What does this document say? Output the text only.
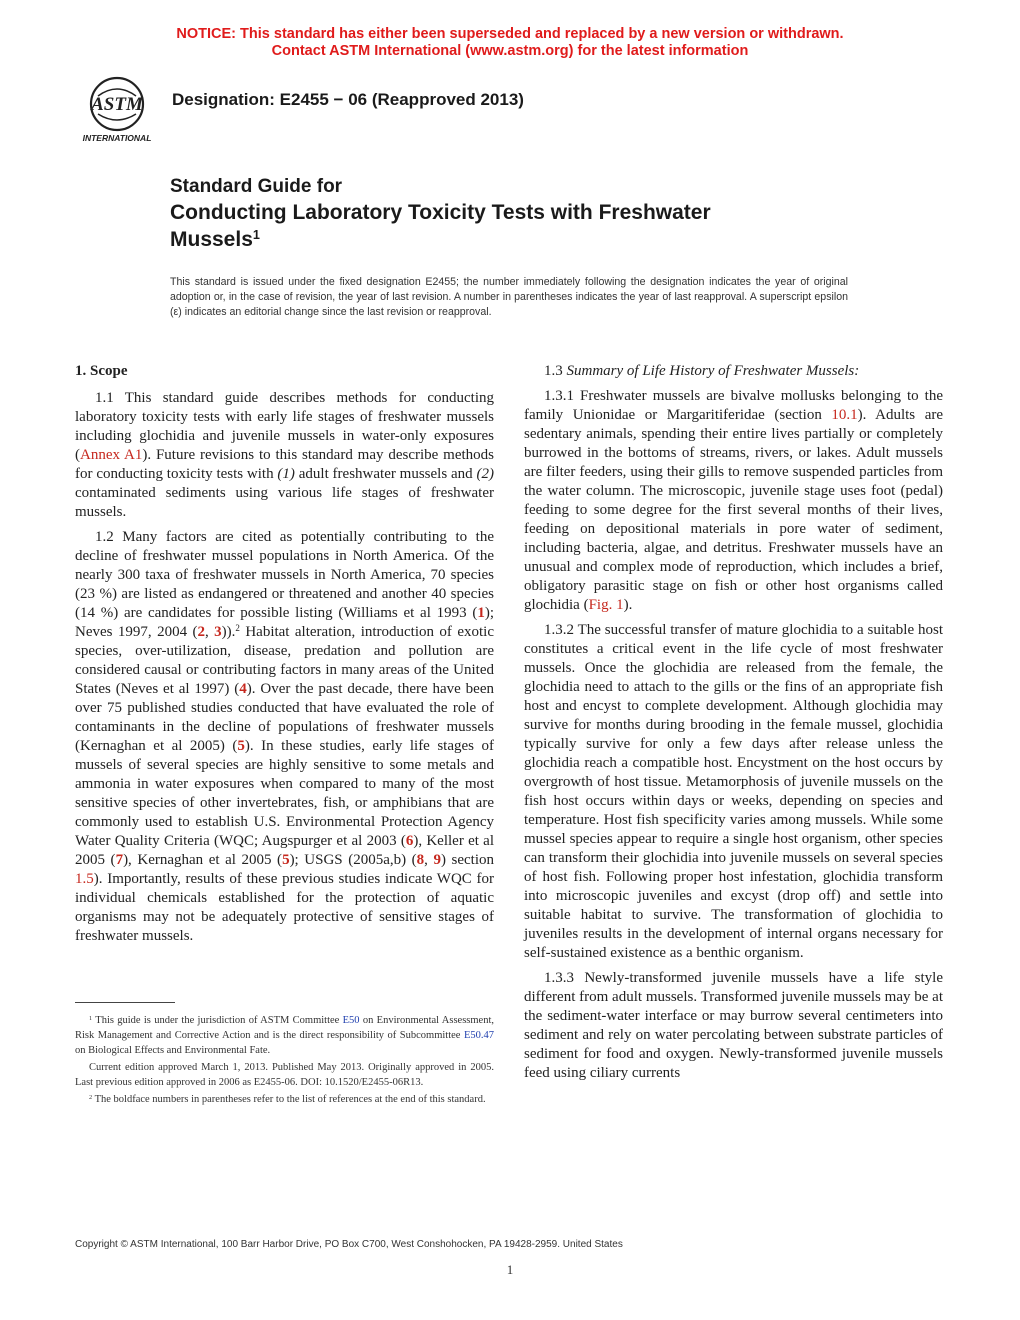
NOTICE: This standard has either been superseded and replaced by a new version or withdrawn.
Contact ASTM International (www.astm.org) for the latest information
ASTM
INTERNATIONAL
Designation: E2455 − 06 (Reapproved 2013)
Standard Guide for
Conducting Laboratory Toxicity Tests with Freshwater
Mussels$^1$
This standard is issued under the fixed designation E2455; the number immediately following the designation indicates the year of original adoption or, in the case of revision, the year of last revision. A number in parentheses indicates the year of last reapproval. A superscript epsilon (ε) indicates an editorial change since the last revision or reapproval.
1. Scope

1.1 This standard guide describes methods for conducting laboratory toxicity tests with early life stages of freshwater mussels including glochidia and juvenile mussels in water-only exposures (Annex A1). Future revisions to this standard may describe methods for conducting toxicity tests with (1) adult freshwater mussels and (2) contaminated sediments using various life stages of freshwater mussels.

1.2 Many factors are cited as potentially contributing to the decline of freshwater mussel populations in North America. Of the nearly 300 taxa of freshwater mussels in North America, 70 species (23 %) are listed as endangered or threatened and another 40 species (14 %) are candidates for possible listing (Williams et al 1993 (1); Neves 1997, 2004 (2, 3)).$^2$ Habitat alteration, introduction of exotic species, over-utilization, disease, predation and pollution are considered causal or contributing factors in many areas of the United States (Neves et al 1997) (4). Over the past decade, there have been over 75 published studies conducted that have evaluated the role of contaminants in the decline of populations of freshwater mussels (Kernaghan et al 2005) (5). In these studies, early life stages of mussels of several species are highly sensitive to some metals and ammonia in water exposures when compared to many of the most sensitive species of other invertebrates, fish, or amphibians that are commonly used to establish U.S. Environmental Protection Agency Water Quality Criteria (WQC; Augspurger et al 2003 (6), Keller et al 2005 (7), Kernaghan et al 2005 (5); USGS (2005a,b) (8, 9) section 1.5). Importantly, results of these previous studies indicate WQC for individual chemicals established for the protection of aquatic organisms may not be adequately protective of sensitive stages of freshwater mussels.

1.3 Summary of Life History of Freshwater Mussels:

1.3.1 Freshwater mussels are bivalve mollusks belonging to the family Unionidae or Margaritiferidae (section 10.1). Adults are sedentary animals, spending their entire lives partially or completely burrowed in the bottoms of streams, rivers, or lakes. Adult mussels are filter feeders, using their gills to remove suspended particles from the water column. The microscopic, juvenile stage uses foot (pedal) feeding to some degree for the first several months of their lives, feeding on depositional materials in pore water of sediment, including bacteria, algae, and detritus. Freshwater mussels have an unusual and complex mode of reproduction, which includes a brief, obligatory parasitic stage on fish or other host organisms called glochidia (Fig. 1).

1.3.2 The successful transfer of mature glochidia to a suitable host constitutes a critical event in the life cycle of most freshwater mussels. Once the glochidia are released from the female, the glochidia need to attach to the gills or the fins of an appropriate fish host and encyst to complete development. Although glochidia may survive for months during brooding in the female mussel, glochidia typically survive for only a few days after release unless the glochidia reach a compatible host. Encystment on the host occurs by overgrowth of host tissue. Metamorphosis of juvenile mussels on the fish host occurs within days or weeks, depending on species and temperature. Host fish specificity varies among mussels. While some mussel species appear to require a single host organism, other species can transform their glochidia into juvenile mussels on several species of host fish. Following proper host infestation, glochidia transform into microscopic juveniles and excyst (drop off) and settle into suitable habitat to survive. The transformation of glochidia to juveniles results in the development of internal organs necessary for self-sustained existence as a benthic organism.

1.3.3 Newly-transformed juvenile mussels have a life style different from adult mussels. Transformed juvenile mussels may be at the sediment-water interface or may burrow several centimeters into sediment and rely on water percolating between substrate particles of sediment for food and oxygen. Newly-transformed juvenile mussels feed using ciliary currents

$^1$ This guide is under the jurisdiction of ASTM Committee E50 on Environmental Assessment, Risk Management and Corrective Action and is the direct responsibility of Subcommittee E50.47 on Biological Effects and Environmental Fate.

Current edition approved March 1, 2013. Published May 2013. Originally approved in 2005. Last previous edition approved in 2006 as E2455-06. DOI: 10.1520/E2455-06R13.

$^2$ The boldface numbers in parentheses refer to the list of references at the end of this standard.

Copyright © ASTM International, 100 Barr Harbor Drive, PO Box C700, West Conshohocken, PA 19428-2959. United States
1
